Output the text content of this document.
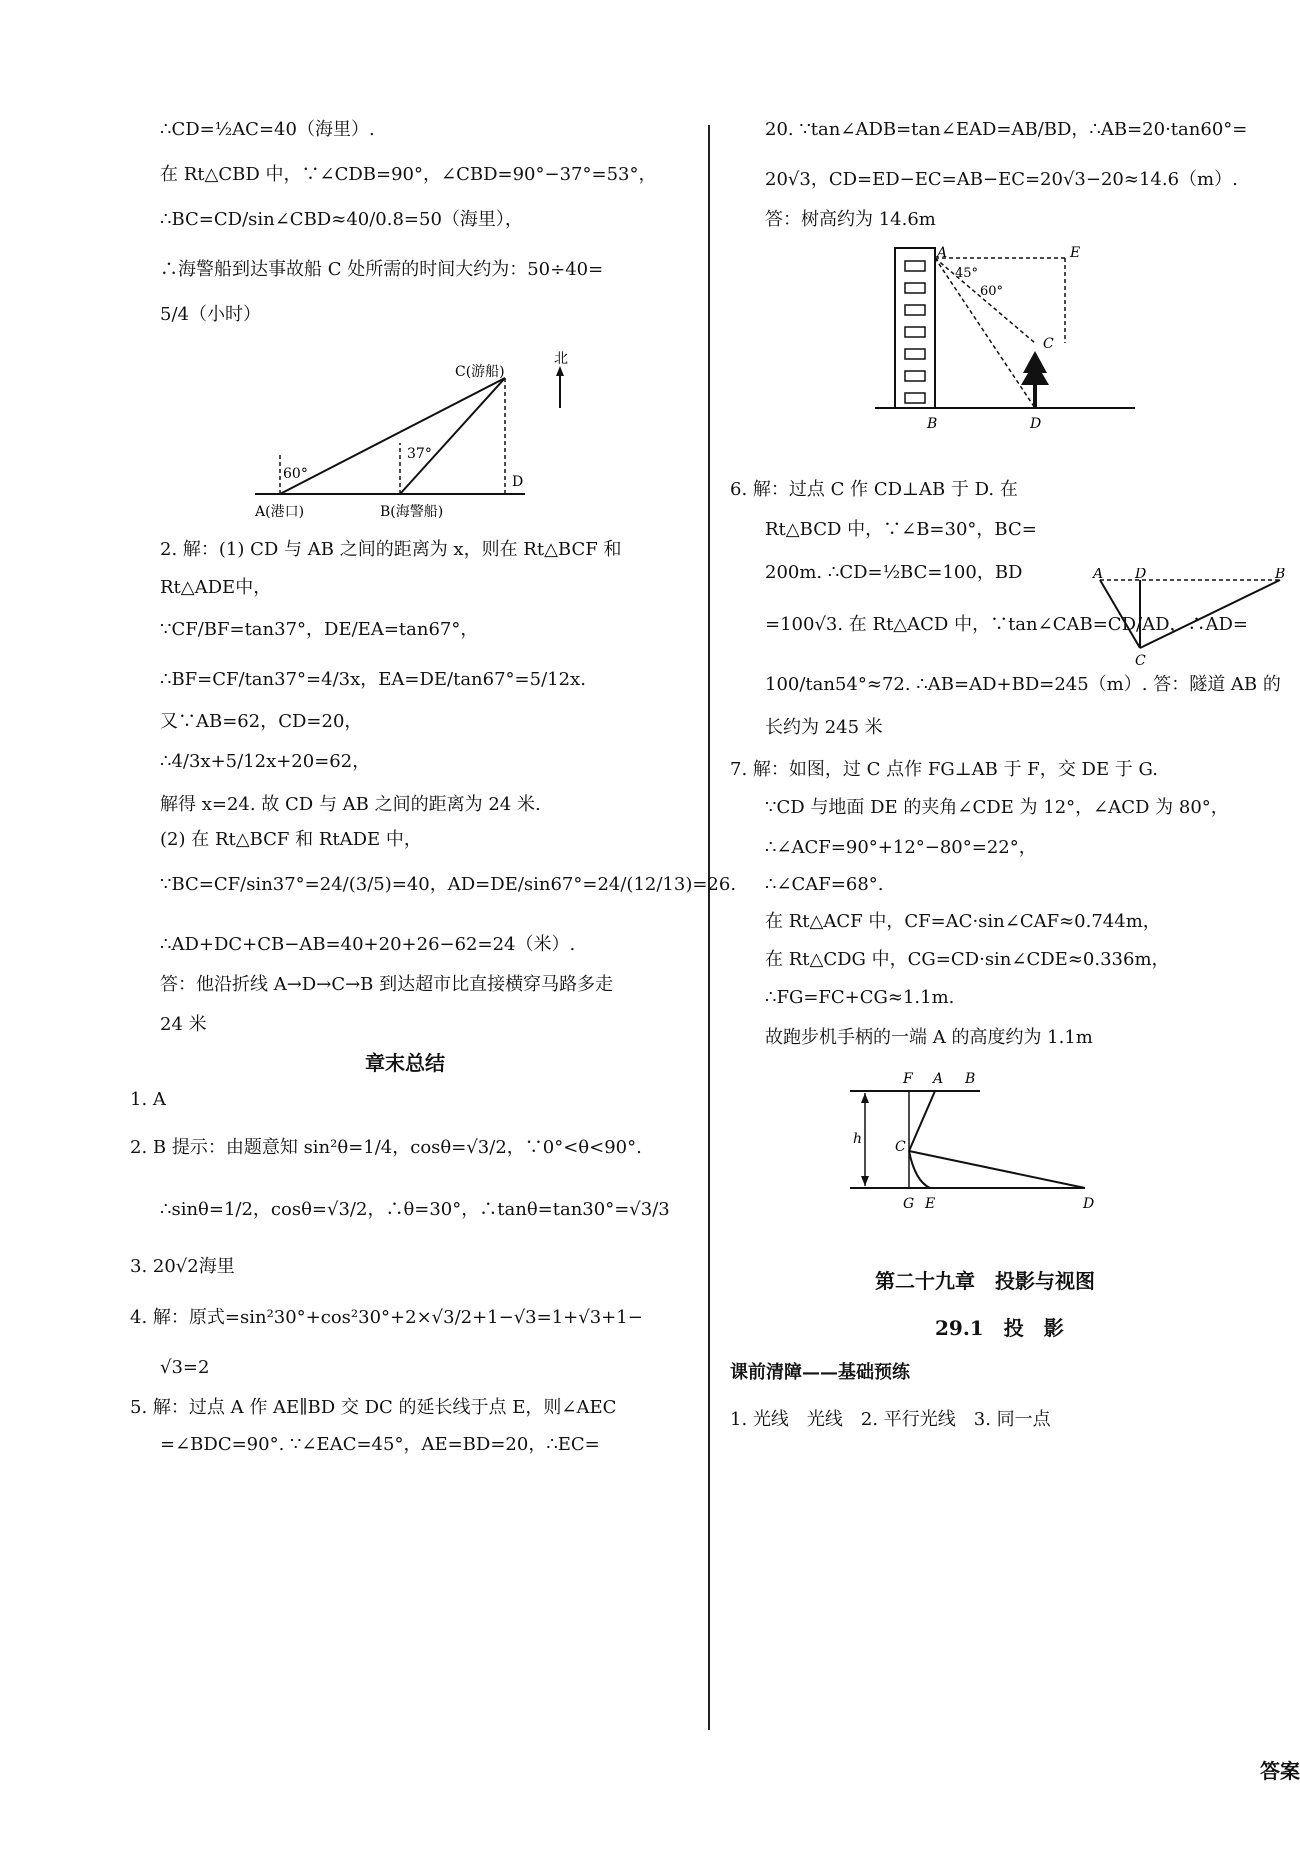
∴CD=½AC=40（海里）.
在 Rt△CBD 中，∵∠CDB=90°，∠CBD=90°−37°=53°，
∴BC=CD/sin∠CBD≈40/0.8=50（海里），
∴海警船到达事故船 C 处所需的时间大约为：50÷40=
5/4（小时）
60°
37°
C(游船)
北
A(港口)	B(海警船)
D
2. 解：(1) CD 与 AB 之间的距离为 x，则在 Rt△BCF 和
Rt△ADE中，
∵CF/BF=tan37°，DE/EA=tan67°，
∴BF=CF/tan37°=4/3x，EA=DE/tan67°=5/12x.
又∵AB=62，CD=20，
∴4/3x+5/12x+20=62，
解得 x=24. 故 CD 与 AB 之间的距离为 24 米.
(2) 在 Rt△BCF 和 RtADE 中，
∵BC=CF/sin37°=24/(3/5)=40，AD=DE/sin67°=24/(12/13)=26.
∴AD+DC+CB−AB=40+20+26−62=24（米）.
答：他沿折线 A→D→C→B 到达超市比直接横穿马路多走
24 米
章末总结
1. A
2. B 提示：由题意知 sin²θ=1/4，cosθ=√3/2，∵0°<θ<90°.
∴sinθ=1/2，cosθ=√3/2，∴θ=30°，∴tanθ=tan30°=√3/3
3. 20√2海里
4. 解：原式=sin²30°+cos²30°+2×√3/2+1−√3=1+√3+1−
√3=2
5. 解：过点 A 作 AE∥BD 交 DC 的延长线于点 E，则∠AEC
=∠BDC=90°. ∵∠EAC=45°，AE=BD=20，∴EC=
20. ∵tan∠ADB=tan∠EAD=AB/BD，∴AB=20·tan60°=
20√3，CD=ED−EC=AB−EC=20√3−20≈14.6（m）.
答：树高约为 14.6m
A	E
C
B	D
45°
60°
6. 解：过点 C 作 CD⊥AB 于 D. 在
Rt△BCD 中，∵∠B=30°，BC=
200m. ∴CD=½BC=100，BD
=100√3. 在 Rt△ACD 中，∵tan∠CAB=CD/AD，∴AD=
100/tan54°≈72. ∴AB=AD+BD=245（m）. 答：隧道 AB 的
长约为 245 米
A D	B
C
7. 解：如图，过 C 点作 FG⊥AB 于 F，交 DE 于 G.
∵CD 与地面 DE 的夹角∠CDE 为 12°，∠ACD 为 80°，
∴∠ACF=90°+12°−80°=22°，
∴∠CAF=68°.
在 Rt△ACF 中，CF=AC·sin∠CAF≈0.744m，
在 Rt△CDG 中，CG=CD·sin∠CDE≈0.336m，
∴FG=FC+CG≈1.1m.
故跑步机手柄的一端 A 的高度约为 1.1m
F A B
h C
G E	D
第二十九章　投影与视图
29.1　投　影
课前清障——基础预练
1. 光线　光线　2. 平行光线　3. 同一点
答案
